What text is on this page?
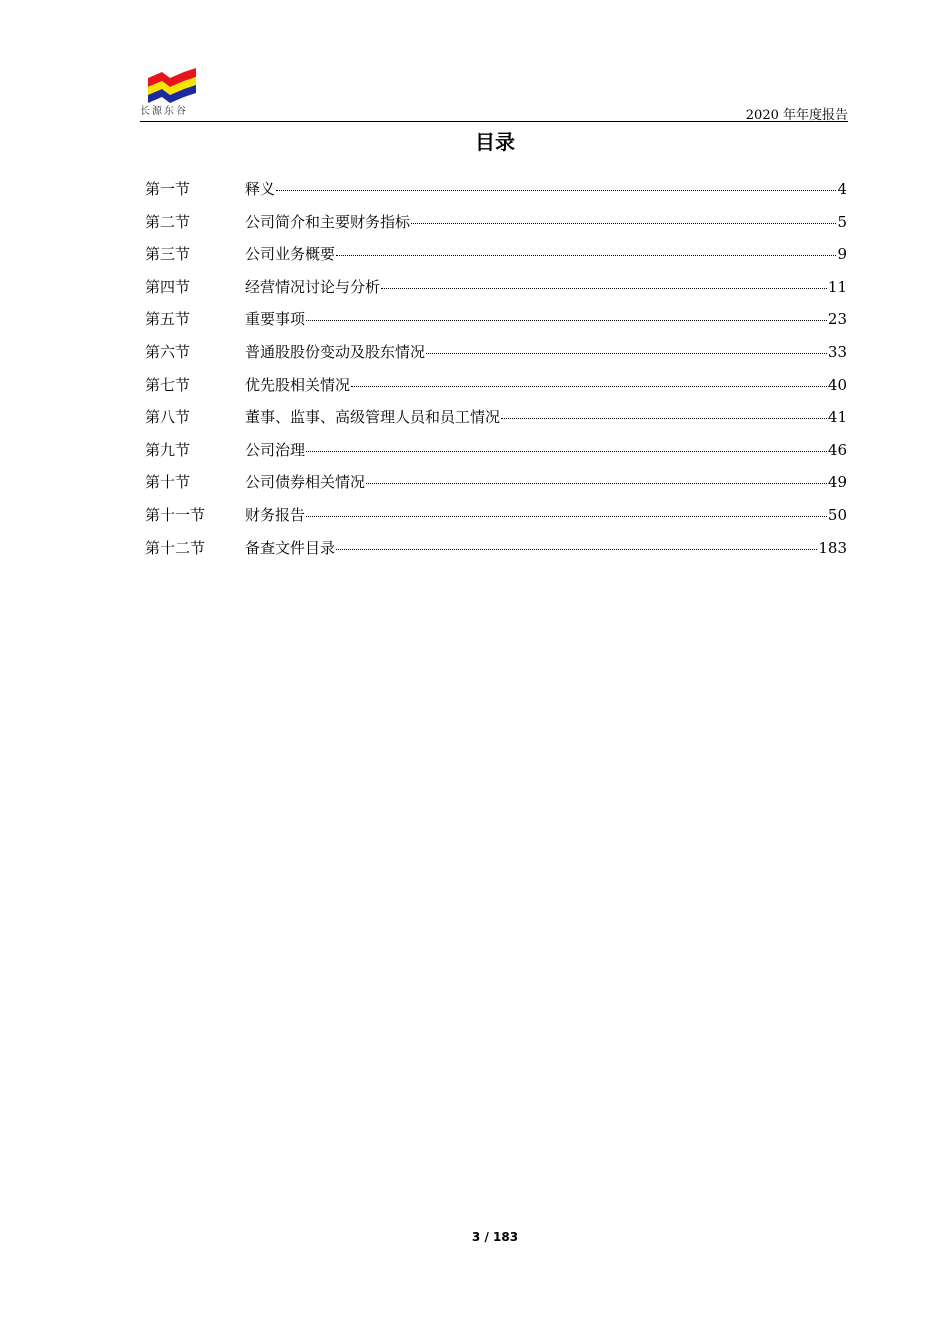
长源东谷	2020 年年度报告
目录
第一节	释义	4
第二节	公司简介和主要财务指标	5
第三节	公司业务概要	9
第四节	经营情况讨论与分析	11
第五节	重要事项	23
第六节	普通股股份变动及股东情况	33
第七节	优先股相关情况	40
第八节	董事、监事、高级管理人员和员工情况	41
第九节	公司治理	46
第十节	公司债券相关情况	49
第十一节	财务报告	50
第十二节	备查文件目录	183
3 / 183
